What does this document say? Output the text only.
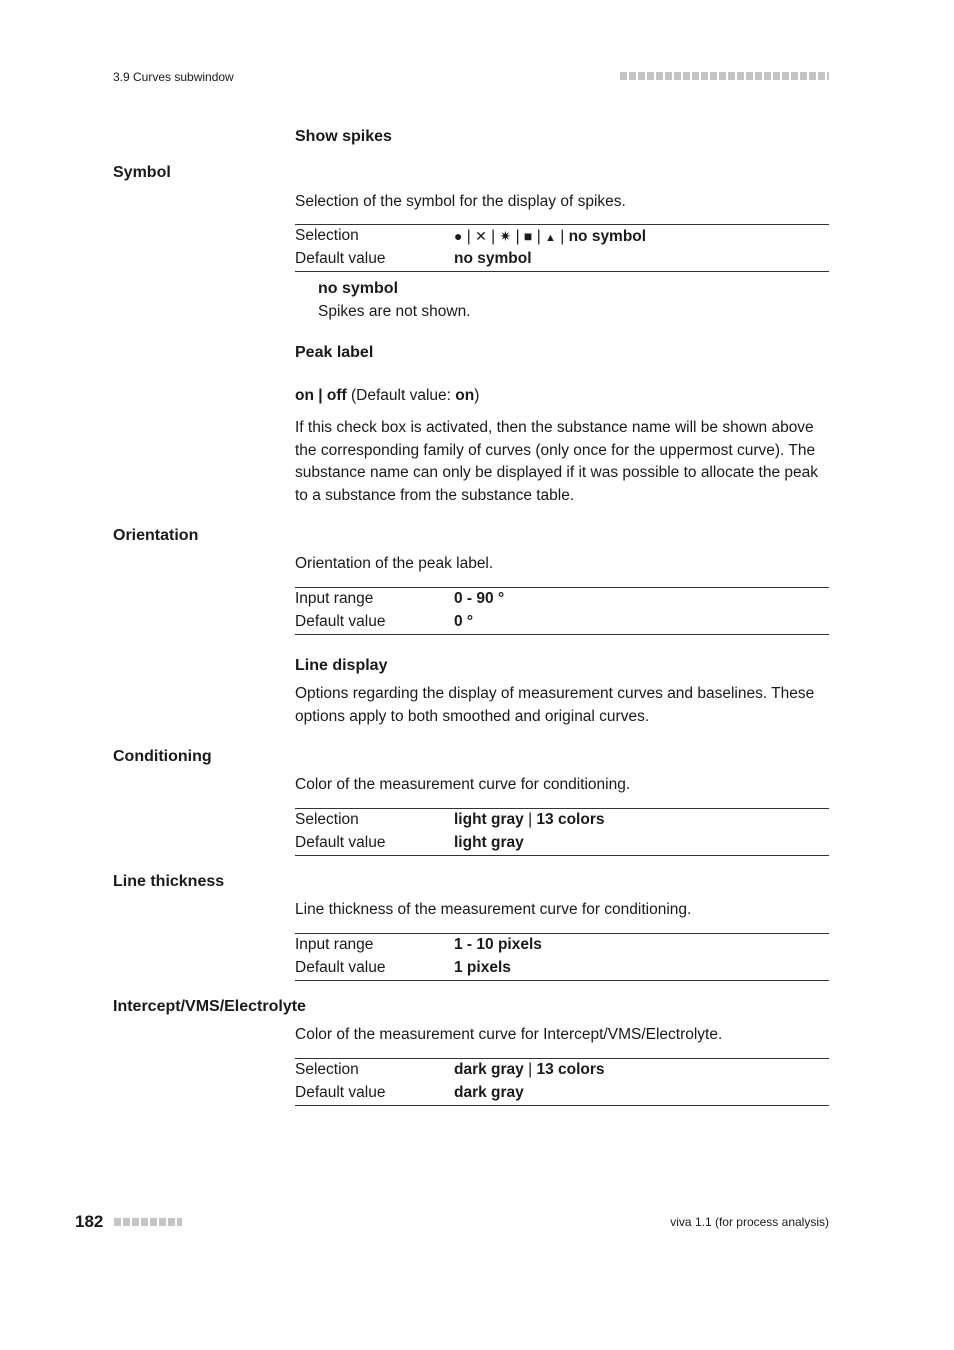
3.9 Curves subwindow
Show spikes
Symbol
Selection of the symbol for the display of spikes.
Selection	● | ✕ | ✷ | ■ | ▲ | no symbol
Default value	no symbol
no symbol
Spikes are not shown.
Peak label
on | off (Default value: on)
If this check box is activated, then the substance name will be shown above the corresponding family of curves (only once for the uppermost curve). The substance name can only be displayed if it was possible to allocate the peak to a substance from the substance table.
Orientation
Orientation of the peak label.
Input range	0 - 90 °
Default value	0 °
Line display
Options regarding the display of measurement curves and baselines. These options apply to both smoothed and original curves.
Conditioning
Color of the measurement curve for conditioning.
Selection	light gray | 13 colors
Default value	light gray
Line thickness
Line thickness of the measurement curve for conditioning.
Input range	1 - 10 pixels
Default value	1 pixels
Intercept/VMS/Electrolyte
Color of the measurement curve for Intercept/VMS/Electrolyte.
Selection	dark gray | 13 colors
Default value	dark gray
182	viva 1.1 (for process analysis)
